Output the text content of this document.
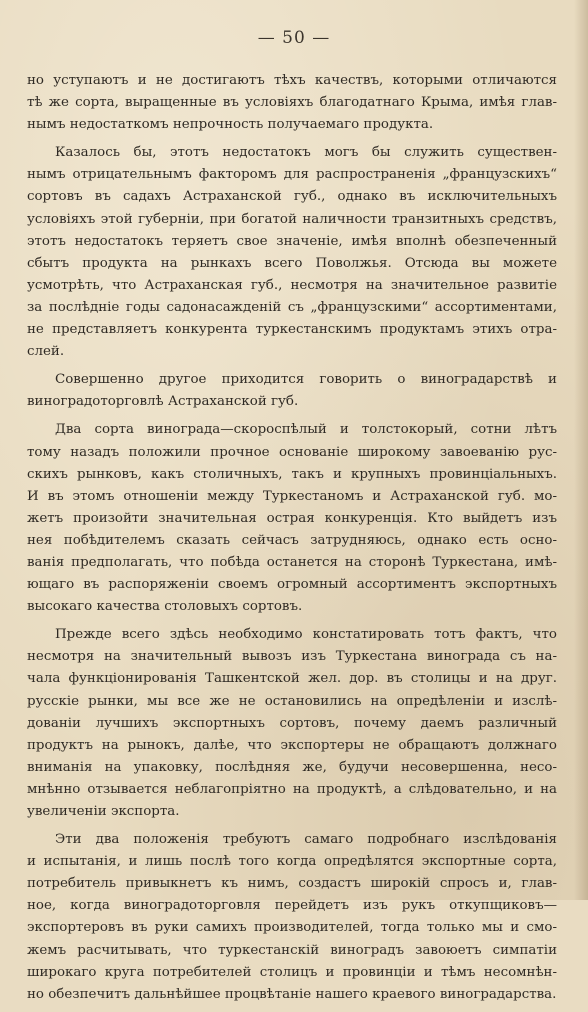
— 50 —
но уступаютъ и не достигаютъ тѣхъ качествъ, которыми отличаются
тѣ же сорта, выращенные въ условіяхъ благодатнаго Крыма, имѣя глав-
нымъ недостаткомъ непрочность получаемаго продукта.
Казалось бы, этотъ недостатокъ могъ бы служить существен-
нымъ отрицательнымъ факторомъ для распространенія „французскихъ“
сортовъ въ садахъ Астраханской губ., однако въ исключительныхъ
условіяхъ этой губерніи, при богатой наличности транзитныхъ средствъ,
этотъ недостатокъ теряетъ свое значеніе, имѣя вполнѣ обезпеченный
сбытъ продукта на рынкахъ всего Поволжья. Отсюда вы можете
усмотрѣть, что Астраханская губ., несмотря на значительное развитіе
за послѣдніе годы садонасажденій съ „французскими“ ассортиментами,
не представляетъ конкурента туркестанскимъ продуктамъ этихъ отра-
слей.
Совершенно другое приходится говорить о виноградарствѣ и
виноградоторговлѣ Астраханской губ.
Два сорта винограда—скороспѣлый и толстокорый, сотни лѣтъ
тому назадъ положили прочное основаніе широкому завоеванію рус-
скихъ рынковъ, какъ столичныхъ, такъ и крупныхъ провинціальныхъ.
И въ этомъ отношеніи между Туркестаномъ и Астраханской губ. мо-
жетъ произойти значительная острая конкуренція. Кто выйдетъ изъ
нея побѣдителемъ сказать сейчасъ затрудняюсь, однако есть осно-
ванія предполагать, что побѣда останется на сторонѣ Туркестана, имѣ-
ющаго въ распоряженіи своемъ огромный ассортиментъ экспортныхъ
высокаго качества столовыхъ сортовъ.
Прежде всего здѣсь необходимо констатировать тотъ фактъ, что
несмотря на значительный вывозъ изъ Туркестана винограда съ на-
чала функціонированія Ташкентской жел. дор. въ столицы и на друг.
русскіе рынки, мы все же не остановились на опредѣленіи и изслѣ-
дованіи лучшихъ экспортныхъ сортовъ, почему даемъ различный
продуктъ на рынокъ, далѣе, что экспортеры не обращаютъ должнаго
вниманія на упаковку, послѣдняя же, будучи несовершенна, несо-
мнѣнно отзывается неблагопріятно на продуктѣ, а слѣдовательно, и на
увеличеніи экспорта.
Эти два положенія требуютъ самаго подробнаго изслѣдованія
и испытанія, и лишь послѣ того когда опредѣлятся экспортные сорта,
потребитель привыкнетъ къ нимъ, создастъ широкій спросъ и, глав-
ное, когда виноградоторговля перейдетъ изъ рукъ откупщиковъ—
экспортеровъ въ руки самихъ производителей, тогда только мы и смо-
жемъ расчитывать, что туркестанскій виноградъ завоюетъ симпатіи
широкаго круга потребителей столицъ и провинціи и тѣмъ несомнѣн-
но обезпечитъ дальнѣйшее процвѣтаніе нашего краевого виноградарства.
